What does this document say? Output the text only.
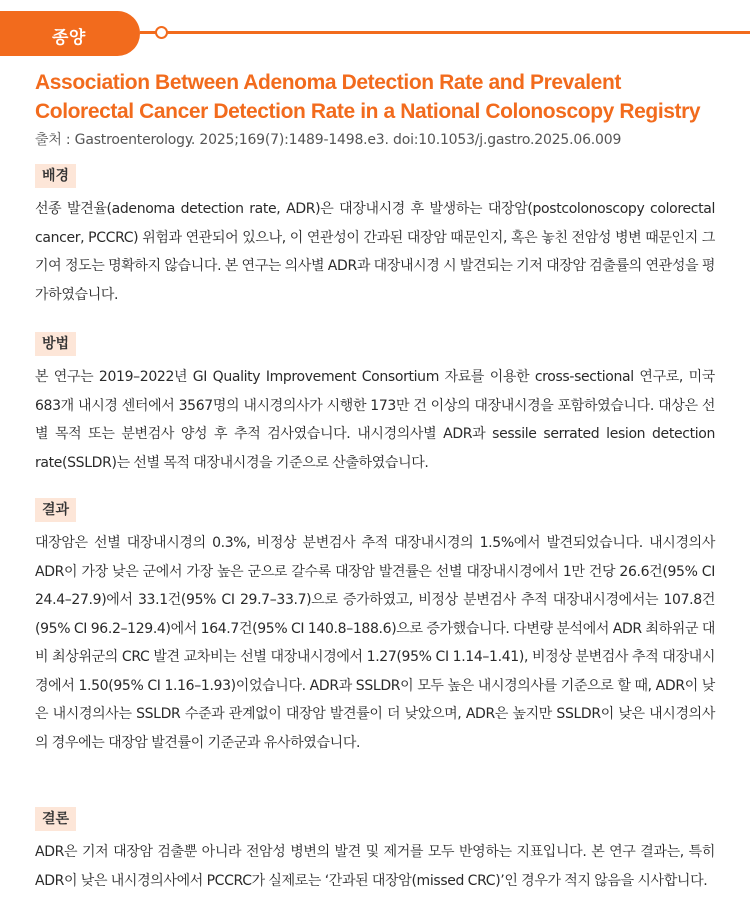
종양
Association Between Adenoma Detection Rate and Prevalent Colorectal Cancer Detection Rate in a National Colonoscopy Registry
출처 : Gastroenterology. 2025;169(7):1489-1498.e3. doi:10.1053/j.gastro.2025.06.009
배경

선종 발견율(adenoma detection rate, ADR)은 대장내시경 후 발생하는 대장암(postcolonoscopy colorectal cancer, PCCRC) 위험과 연관되어 있으나, 이 연관성이 간과된 대장암 때문인지, 혹은 놓친 전암성 병변 때문인지 그 기여 정도는 명확하지 않습니다. 본 연구는 의사별 ADR과 대장내시경 시 발견되는 기저 대장암 검출률의 연관성을 평가하였습니다.

방법

본 연구는 2019–2022년 GI Quality Improvement Consortium 자료를 이용한 cross-sectional 연구로, 미국 683개 내시경 센터에서 3567명의 내시경의사가 시행한 173만 건 이상의 대장내시경을 포함하였습니다. 대상은 선별 목적 또는 분변검사 양성 후 추적 검사였습니다. 내시경의사별 ADR과 sessile serrated lesion detection rate(SSLDR)는 선별 목적 대장내시경을 기준으로 산출하였습니다.

결과

대장암은 선별 대장내시경의 0.3%, 비정상 분변검사 추적 대장내시경의 1.5%에서 발견되었습니다. 내시경의사 ADR이 가장 낮은 군에서 가장 높은 군으로 갈수록 대장암 발견률은 선별 대장내시경에서 1만 건당 26.6건(95% CI 24.4–27.9)에서 33.1건(95% CI 29.7–33.7)으로 증가하였고, 비정상 분변검사 추적 대장내시경에서는 107.8건(95% CI 96.2–129.4)에서 164.7건(95% CI 140.8–188.6)으로 증가했습니다. 다변량 분석에서 ADR 최하위군 대비 최상위군의 CRC 발견 교차비는 선별 대장내시경에서 1.27(95% CI 1.14–1.41), 비정상 분변검사 추적 대장내시경에서 1.50(95% CI 1.16–1.93)이었습니다. ADR과 SSLDR이 모두 높은 내시경의사를 기준으로 할 때, ADR이 낮은 내시경의사는 SSLDR 수준과 관계없이 대장암 발견률이 더 낮았으며, ADR은 높지만 SSLDR이 낮은 내시경의사의 경우에는 대장암 발견률이 기준군과 유사하였습니다.

결론

ADR은 기저 대장암 검출뿐 아니라 전암성 병변의 발견 및 제거를 모두 반영하는 지표입니다. 본 연구 결과는, 특히 ADR이 낮은 내시경의사에서 PCCRC가 실제로는 ‘간과된 대장암(missed CRC)’인 경우가 적지 않음을 시사합니다.
